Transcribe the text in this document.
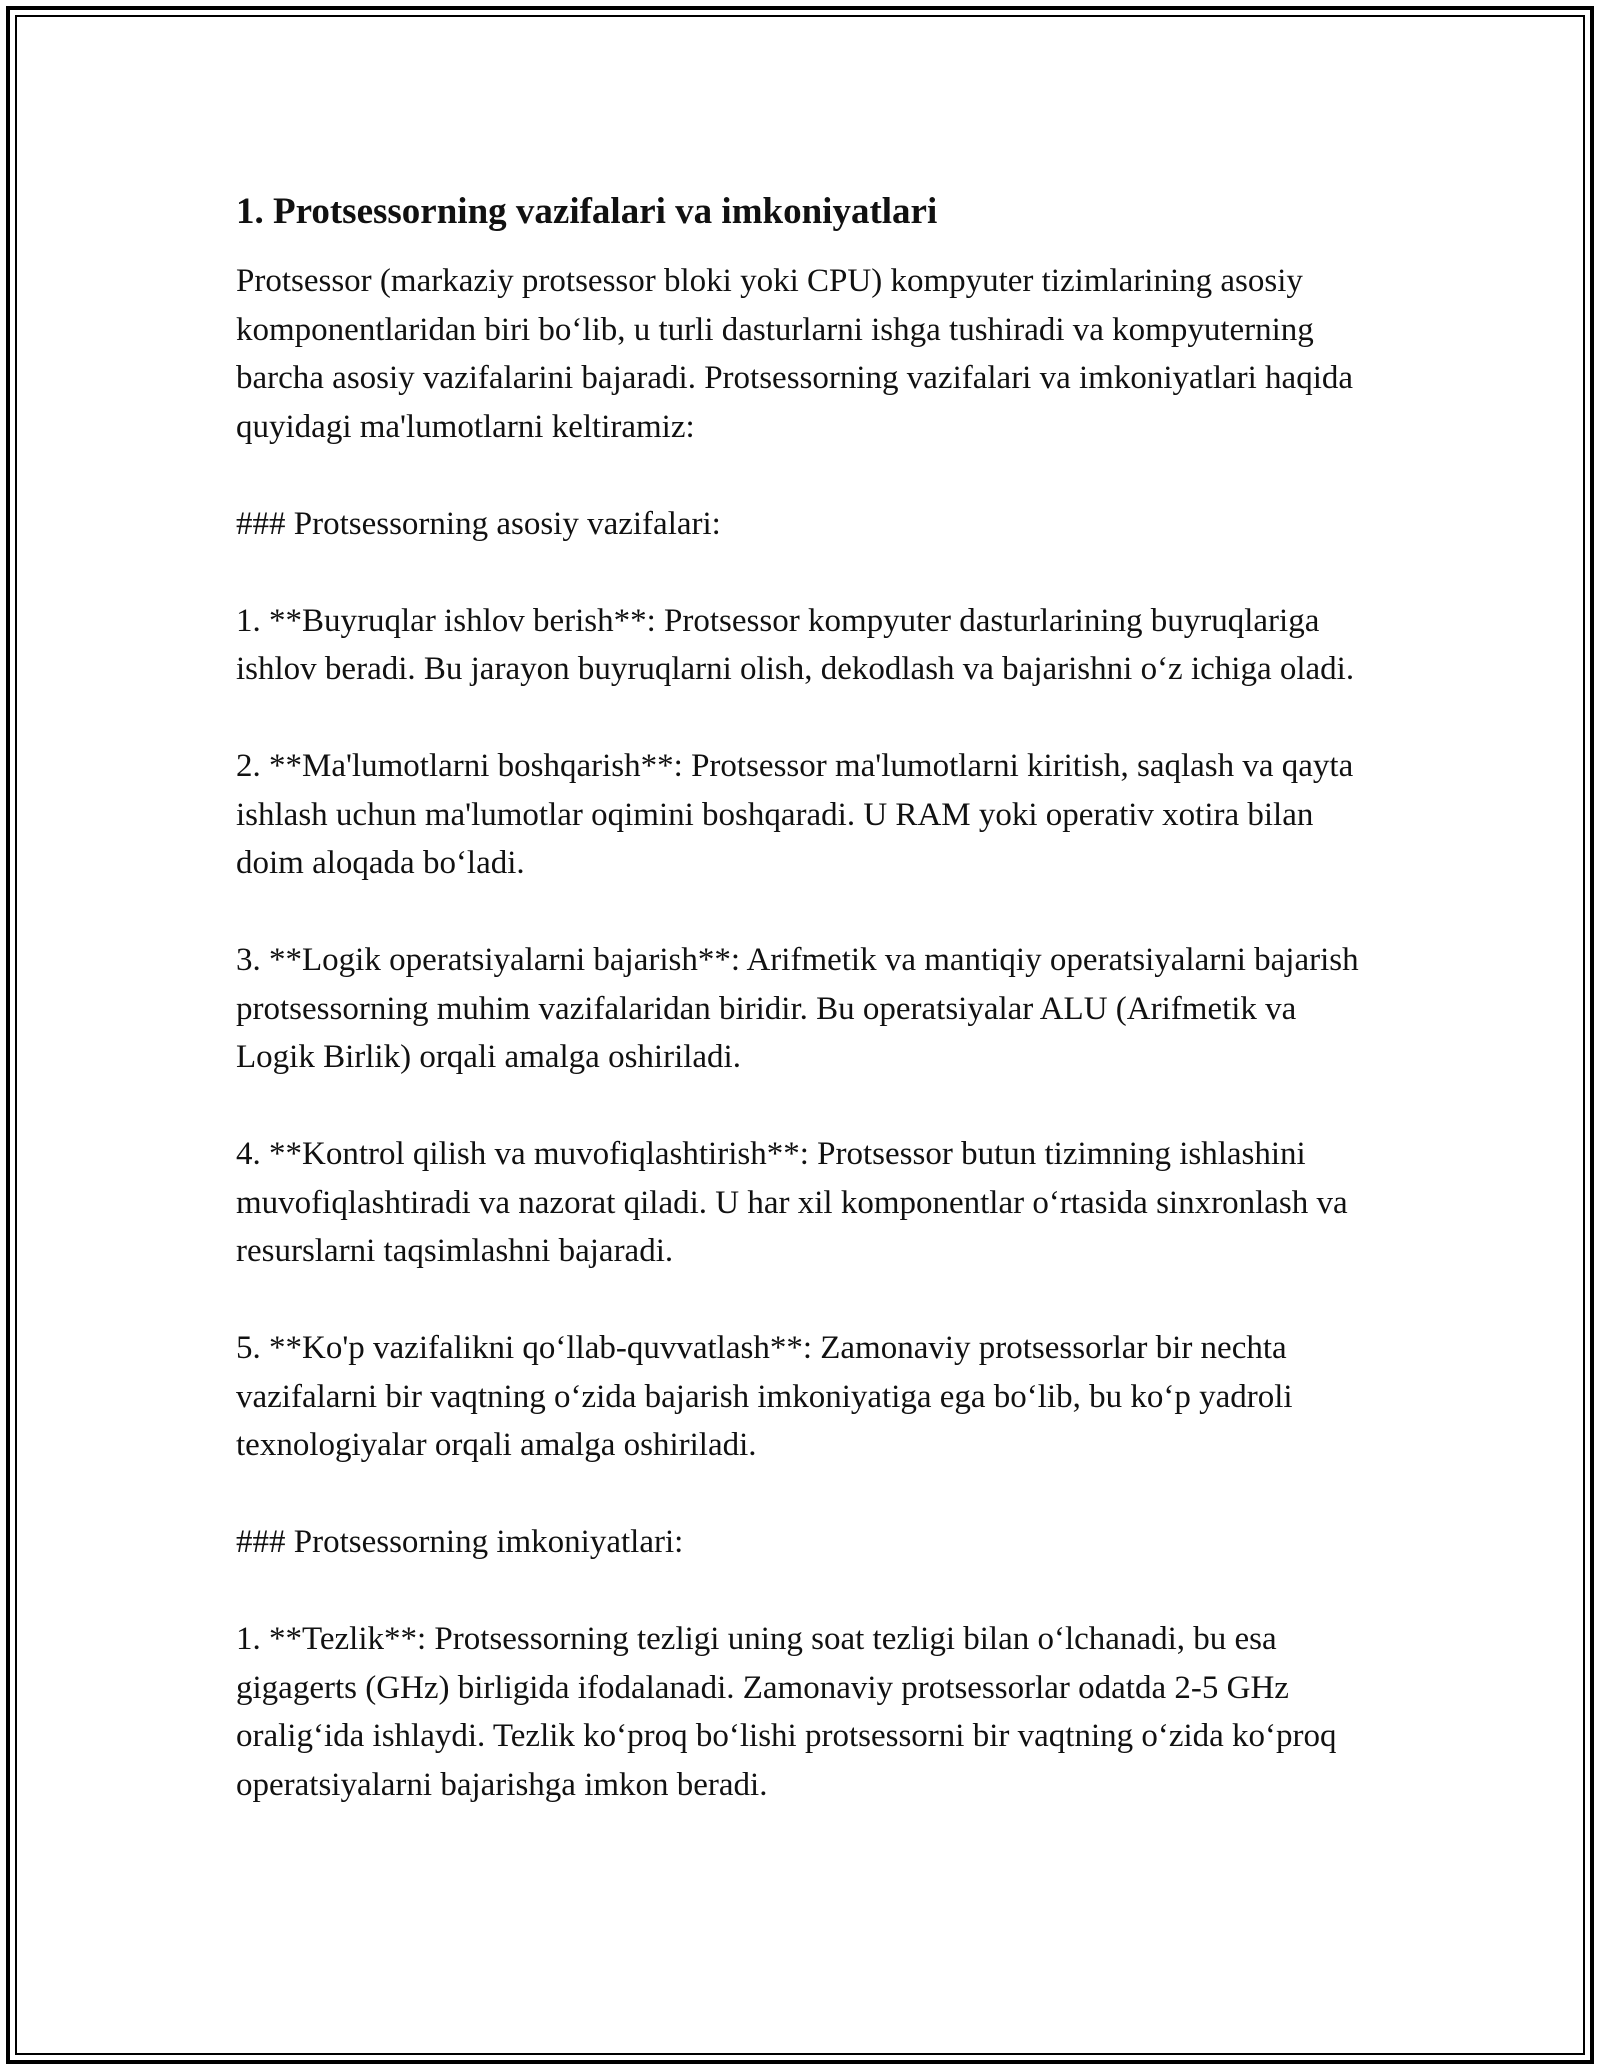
1. Protsessorning vazifalari va imkoniyatlari

Protsessor (markaziy protsessor bloki yoki CPU) kompyuter tizimlarining asosiy komponentlaridan biri bo‘lib, u turli dasturlarni ishga tushiradi va kompyuterning barcha asosiy vazifalarini bajaradi. Protsessorning vazifalari va imkoniyatlari haqida quyidagi ma'lumotlarni keltiramiz:

### Protsessorning asosiy vazifalari:

1. **Buyruqlar ishlov berish**: Protsessor kompyuter dasturlarining buyruqlariga ishlov beradi. Bu jarayon buyruqlarni olish, dekodlash va bajarishni o‘z ichiga oladi.

2. **Ma'lumotlarni boshqarish**: Protsessor ma'lumotlarni kiritish, saqlash va qayta ishlash uchun ma'lumotlar oqimini boshqaradi. U RAM yoki operativ xotira bilan doim aloqada bo‘ladi.

3. **Logik operatsiyalarni bajarish**: Arifmetik va mantiqiy operatsiyalarni bajarish protsessorning muhim vazifalaridan biridir. Bu operatsiyalar ALU (Arifmetik va Logik Birlik) orqali amalga oshiriladi.

4. **Kontrol qilish va muvofiqlashtirish**: Protsessor butun tizimning ishlashini muvofiqlashtiradi va nazorat qiladi. U har xil komponentlar o‘rtasida sinxronlash va resurslarni taqsimlashni bajaradi.

5. **Ko'p vazifalikni qo‘llab-quvvatlash**: Zamonaviy protsessorlar bir nechta vazifalarni bir vaqtning o‘zida bajarish imkoniyatiga ega bo‘lib, bu ko‘p yadroli texnologiyalar orqali amalga oshiriladi.

### Protsessorning imkoniyatlari:

1. **Tezlik**: Protsessorning tezligi uning soat tezligi bilan o‘lchanadi, bu esa gigagerts (GHz) birligida ifodalanadi. Zamonaviy protsessorlar odatda 2-5 GHz oralig‘ida ishlaydi. Tezlik ko‘proq bo‘lishi protsessorni bir vaqtning o‘zida ko‘proq operatsiyalarni bajarishga imkon beradi.
